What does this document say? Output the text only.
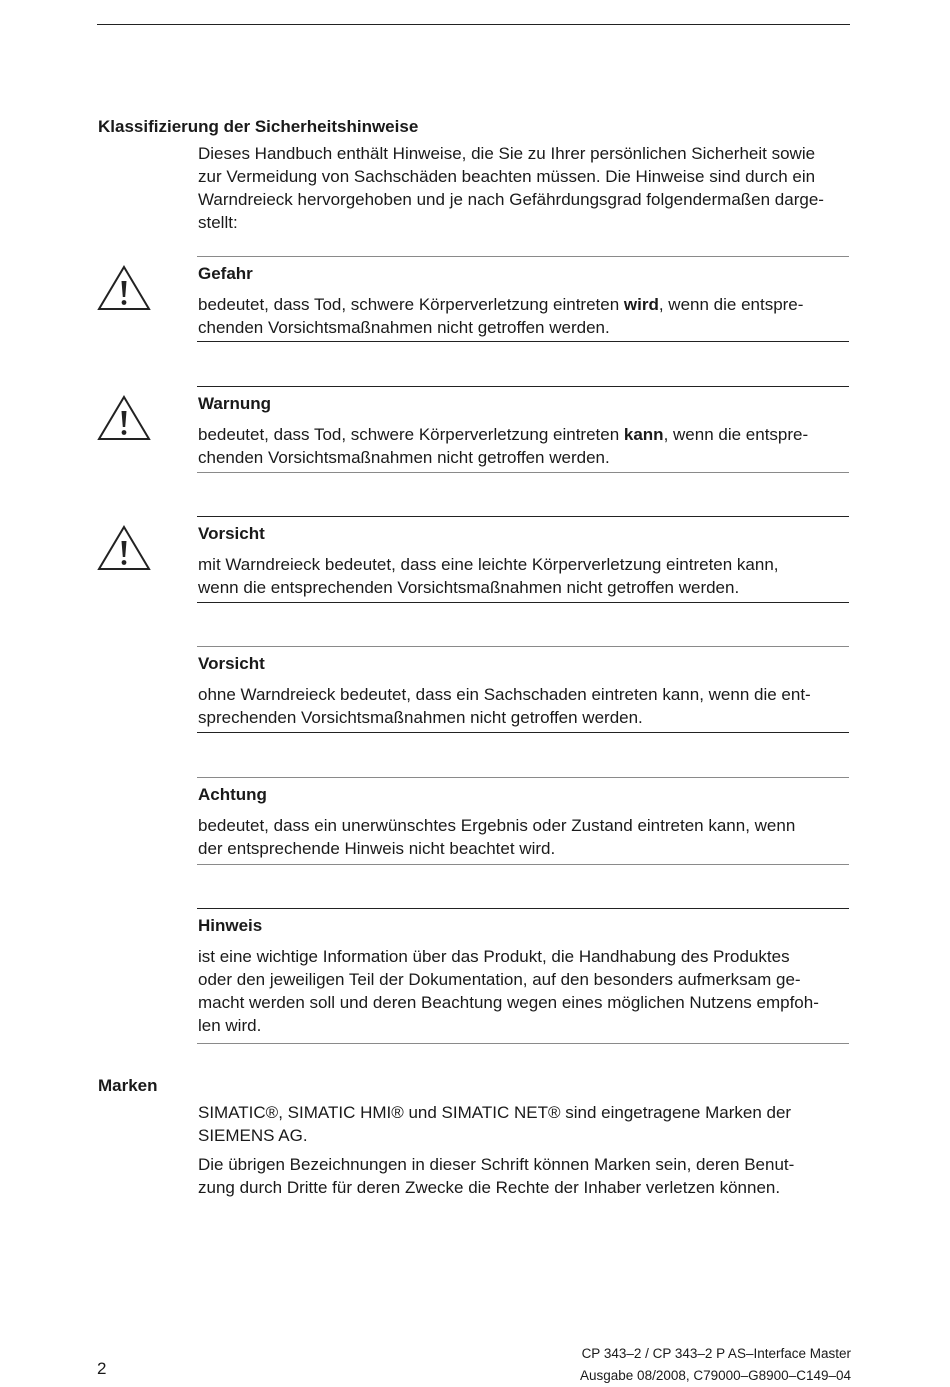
Klassifizierung der Sicherheitshinweise
Dieses Handbuch enthält Hinweise, die Sie zu Ihrer persönlichen Sicherheit sowie
zur Vermeidung von Sachschäden beachten müssen. Die Hinweise sind durch ein
Warndreieck hervorgehoben und je nach Gefährdungsgrad folgendermaßen darge-
stellt:
Gefahr
bedeutet, dass Tod, schwere Körperverletzung eintreten wird, wenn die entspre-
chenden Vorsichtsmaßnahmen nicht getroffen werden.
Warnung
bedeutet, dass Tod, schwere Körperverletzung eintreten kann, wenn die entspre-
chenden Vorsichtsmaßnahmen nicht getroffen werden.
Vorsicht
mit Warndreieck bedeutet, dass eine leichte Körperverletzung eintreten kann,
wenn die entsprechenden Vorsichtsmaßnahmen nicht getroffen werden.
Vorsicht
ohne Warndreieck bedeutet, dass ein Sachschaden eintreten kann, wenn die ent-
sprechenden Vorsichtsmaßnahmen nicht getroffen werden.
Achtung
bedeutet, dass ein unerwünschtes Ergebnis oder Zustand eintreten kann, wenn
der entsprechende Hinweis nicht beachtet wird.
Hinweis
ist eine wichtige Information über das Produkt, die Handhabung des Produktes
oder den jeweiligen Teil der Dokumentation, auf den besonders aufmerksam ge-
macht werden soll und deren Beachtung wegen eines möglichen Nutzens empfoh-
len wird.
Marken
SIMATIC®, SIMATIC HMI® und SIMATIC NET® sind eingetragene Marken der
SIEMENS AG.
Die übrigen Bezeichnungen in dieser Schrift können Marken sein, deren Benut-
zung durch Dritte für deren Zwecke die Rechte der Inhaber verletzen können.
2
CP 343–2 / CP 343–2 P AS–Interface Master
Ausgabe 08/2008, C79000–G8900–C149–04
